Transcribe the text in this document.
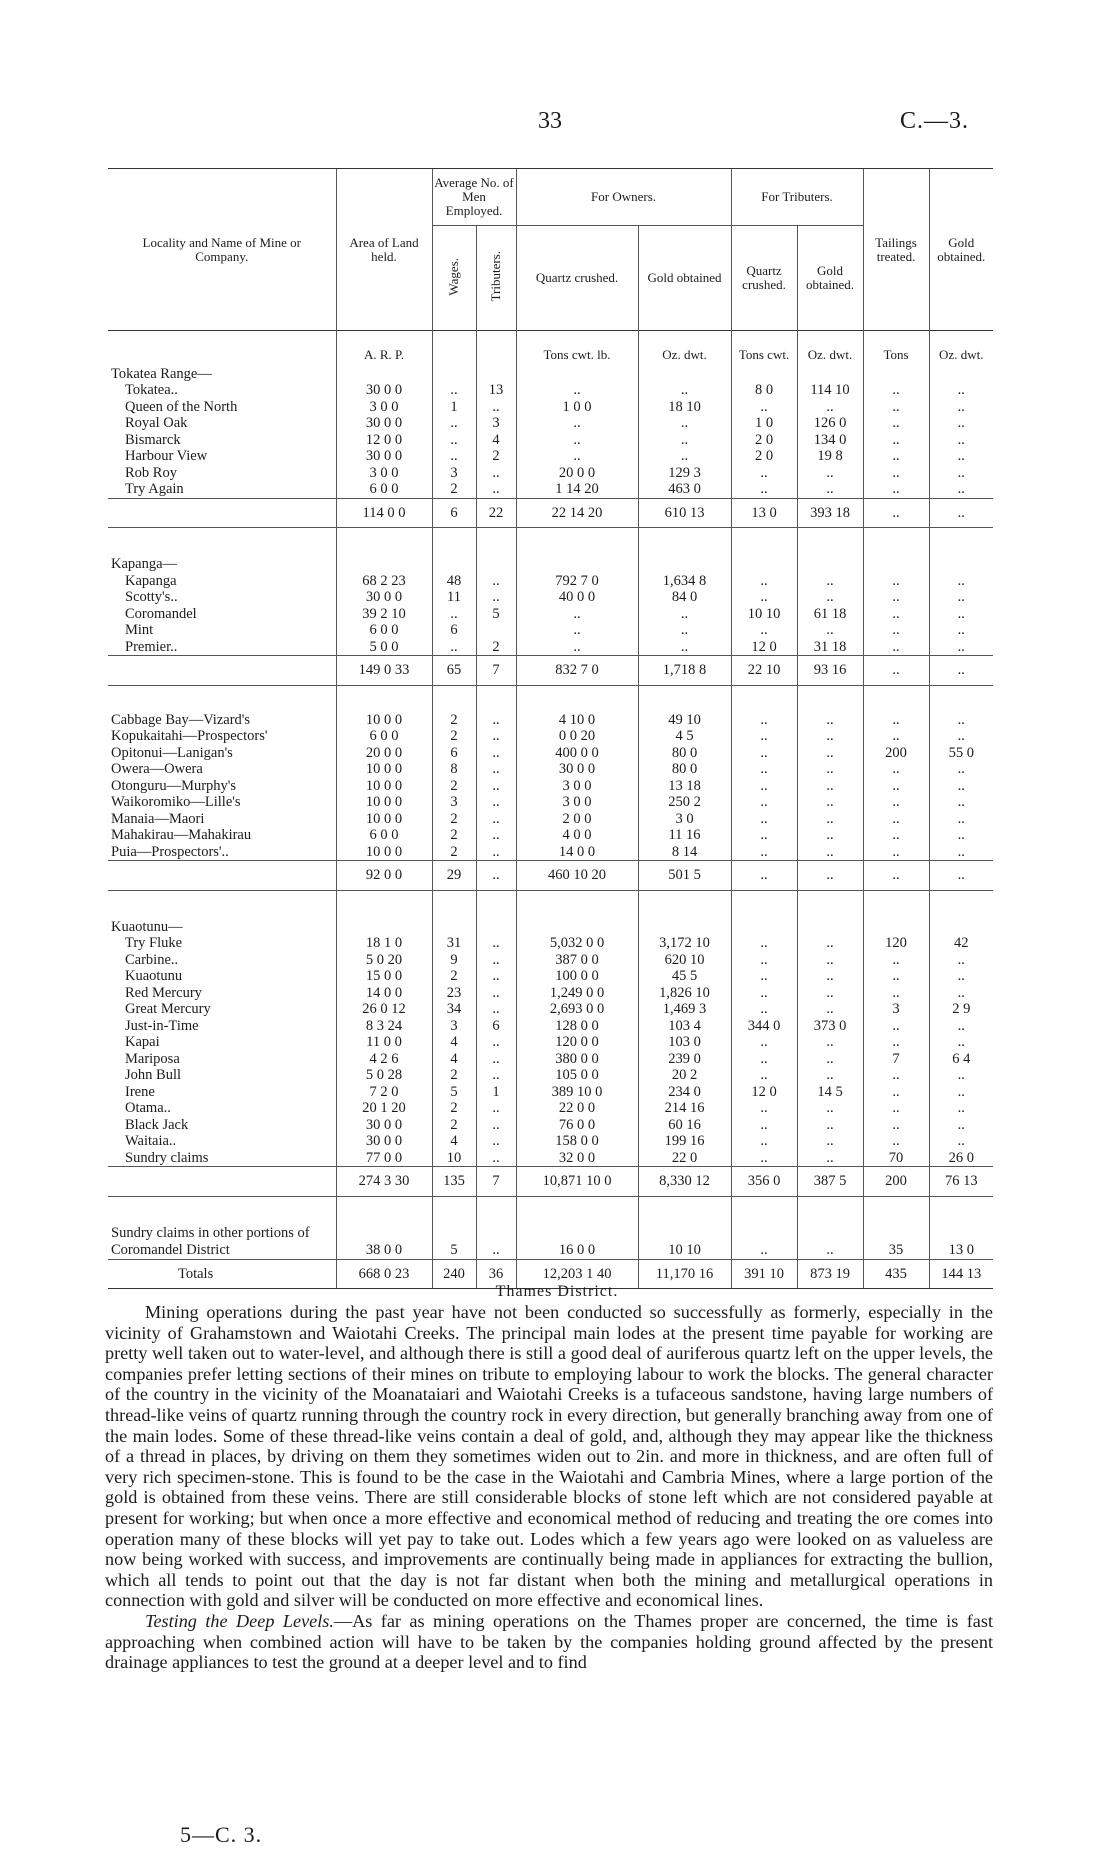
33	C.—3.
Locality and Name of Mine or Company.	Area of Land held.	Average No. of Men Employed.		For Owners.		For Tributers.		Tailings treated.	Gold obtained.
		Wages.	Tributers.	Quartz crushed.	Gold obtained	Quartz crushed.	Gold obtained.		
	A. R. P.			Tons cwt. lb.	Oz. dwt.	Tons cwt.	Oz. dwt.	Tons	Oz. dwt.
Tokatea Range—									
Tokatea..	30 0 0	..	13	..	..	8 0	114 10	..	..
Queen of the North	3 0 0	1	..	1 0 0	18 10	..	..	..	..
Royal Oak	30 0 0	..	3	..	..	1 0	126 0	..	..
Bismarck	12 0 0	..	4	..	..	2 0	134 0	..	..
Harbour View	30 0 0	..	2	..	..	2 0	19 8	..	..
Rob Roy	3 0 0	3	..	20 0 0	129 3	..	..	..	..
Try Again	6 0 0	2	..	1 14 20	463 0	..	..	..	..
	114 0 0	6	22	22 14 20	610 13	13 0	393 18	..	..

Kapanga—									
Kapanga	68 2 23	48	..	792 7 0	1,634 8	..	..	..	..
Scotty's..	30 0 0	11	..	40 0 0	84 0	..	..	..	..
Coromandel	39 2 10	..	5	..	..	10 10	61 18	..	..
Mint	6 0 0	6		..	..	..	..	..	..
Premier..	5 0 0	..	2	..	..	12 0	31 18	..	..
	149 0 33	65	7	832 7 0	1,718 8	22 10	93 16	..	..

Cabbage Bay—Vizard's	10 0 0	2	..	4 10 0	49 10	..	..	..	..
Kopukaitahi—Prospectors'	6 0 0	2	..	0 0 20	4 5	..	..	..	..
Opitonui—Lanigan's	20 0 0	6	..	400 0 0	80 0	..	..	200	55 0
Owera—Owera	10 0 0	8	..	30 0 0	80 0	..	..	..	..
Otonguru—Murphy's	10 0 0	2	..	3 0 0	13 18	..	..	..	..
Waikoromiko—Lille's	10 0 0	3	..	3 0 0	250 2	..	..	..	..
Manaia—Maori	10 0 0	2	..	2 0 0	3 0	..	..	..	..
Mahakirau—Mahakirau	6 0 0	2	..	4 0 0	11 16	..	..	..	..
Puia—Prospectors'..	10 0 0	2	..	14 0 0	8 14	..	..	..	..
	92 0 0	29	..	460 10 20	501 5	..	..	..	..

Kuaotunu—									
Try Fluke	18 1 0	31	..	5,032 0 0	3,172 10	..	..	120	42
Carbine..	5 0 20	9	..	387 0 0	620 10	..	..	..	..
Kuaotunu	15 0 0	2	..	100 0 0	45 5	..	..	..	..
Red Mercury	14 0 0	23	..	1,249 0 0	1,826 10	..	..	..	..
Great Mercury	26 0 12	34	..	2,693 0 0	1,469 3	..	..	3	2 9
Just-in-Time	8 3 24	3	6	128 0 0	103 4	344 0	373 0	..	..
Kapai	11 0 0	4	..	120 0 0	103 0	..	..	..	..
Mariposa	4 2 6	4	..	380 0 0	239 0	..	..	7	6 4
John Bull	5 0 28	2	..	105 0 0	20 2	..	..	..	..
Irene	7 2 0	5	1	389 10 0	234 0	12 0	14 5	..	..
Otama..	20 1 20	2	..	22 0 0	214 16	..	..	..	..
Black Jack	30 0 0	2	..	76 0 0	60 16	..	..	..	..
Waitaia..	30 0 0	4	..	158 0 0	199 16	..	..	..	..
Sundry claims	77 0 0	10	..	32 0 0	22 0	..	..	70	26 0
	274 3 30	135	7	10,871 10 0	8,330 12	356 0	387 5	200	76 13

Sundry claims in other portions of Coromandel District	38 0 0	5	..	16 0 0	10 10	..	..	35	13 0
Totals	668 0 23	240	36	12,203 1 40	11,170 16	391 10	873 19	435	144 13
Thames District.

Mining operations during the past year have not been conducted so successfully as formerly, especially in the vicinity of Grahamstown and Waiotahi Creeks. The principal main lodes at the present time payable for working are pretty well taken out to water-level, and although there is still a good deal of auriferous quartz left on the upper levels, the companies prefer letting sections of their mines on tribute to employing labour to work the blocks. The general character of the country in the vicinity of the Moanataiari and Waiotahi Creeks is a tufaceous sandstone, having large numbers of thread-like veins of quartz running through the country rock in every direction, but generally branching away from one of the main lodes. Some of these thread-like veins contain a deal of gold, and, although they may appear like the thickness of a thread in places, by driving on them they sometimes widen out to 2in. and more in thickness, and are often full of very rich specimen-stone. This is found to be the case in the Waiotahi and Cambria Mines, where a large portion of the gold is obtained from these veins. There are still considerable blocks of stone left which are not considered payable at present for working; but when once a more effective and economical method of reducing and treating the ore comes into operation many of these blocks will yet pay to take out. Lodes which a few years ago were looked on as valueless are now being worked with success, and improvements are continually being made in appliances for extracting the bullion, which all tends to point out that the day is not far distant when both the mining and metallurgical operations in connection with gold and silver will be conducted on more effective and economical lines.

Testing the Deep Levels.—As far as mining operations on the Thames proper are concerned, the time is fast approaching when combined action will have to be taken by the companies holding ground affected by the present drainage appliances to test the ground at a deeper level and to find

5—C. 3.
